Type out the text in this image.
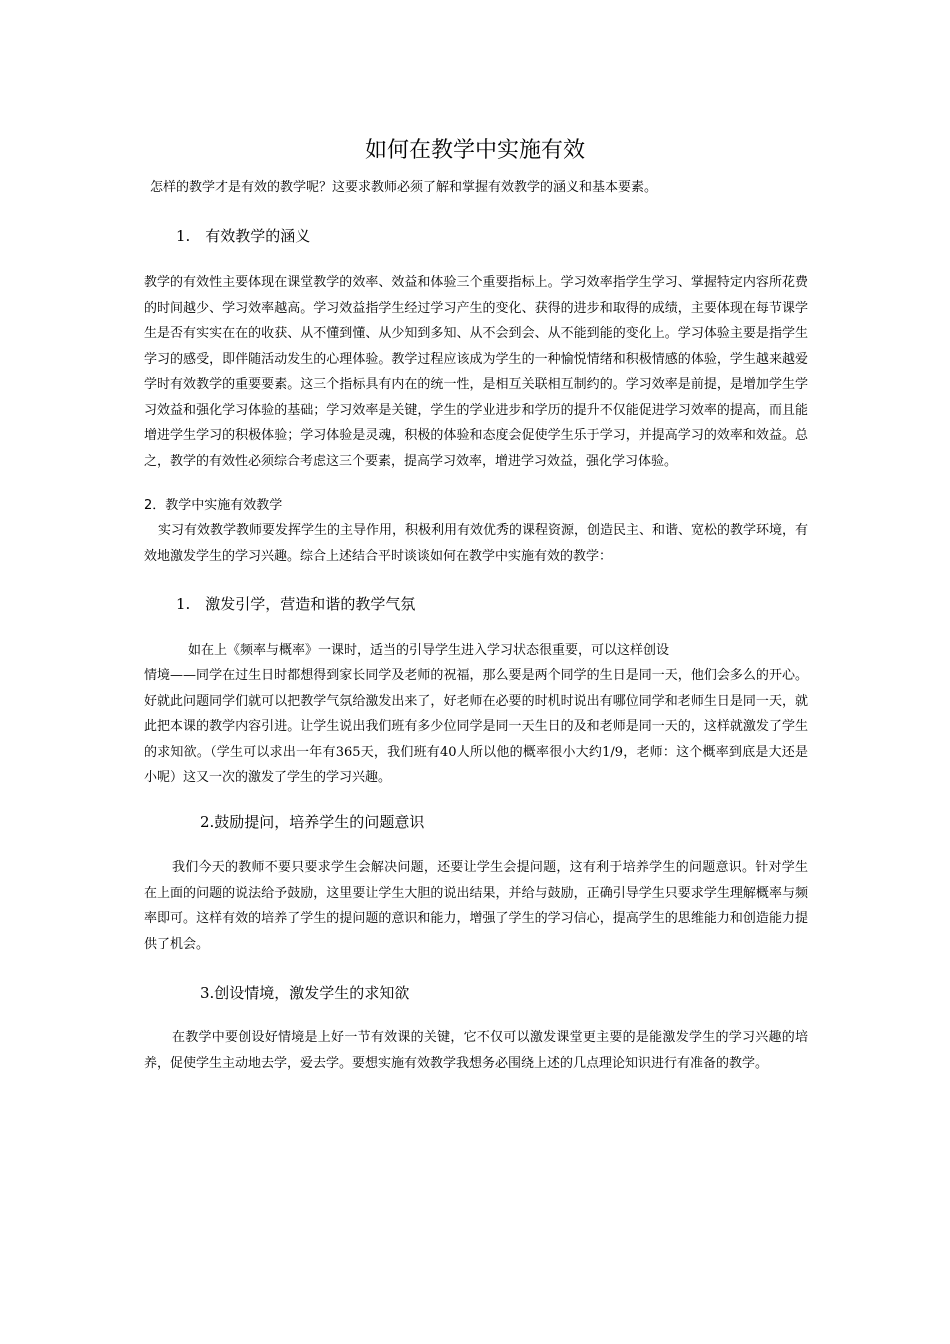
如何在教学中实施有效

怎样的教学才是有效的教学呢？这要求教师必须了解和掌握有效教学的涵义和基本要素。

1.　有效教学的涵义

教学的有效性主要体现在课堂教学的效率、效益和体验三个重要指标上。学习效率指学生学习、掌握特定内容所花费的时间越少、学习效率越高。学习效益指学生经过学习产生的变化、获得的进步和取得的成绩，主要体现在每节课学生是否有实实在在的收获、从不懂到懂、从少知到多知、从不会到会、从不能到能的变化上。学习体验主要是指学生学习的感受，即伴随活动发生的心理体验。教学过程应该成为学生的一种愉悦情绪和积极情感的体验，学生越来越爱学时有效教学的重要要素。这三个指标具有内在的统一性，是相互关联相互制约的。学习效率是前提，是增加学生学习效益和强化学习体验的基础；学习效率是关键，学生的学业进步和学历的提升不仅能促进学习效率的提高，而且能增进学生学习的积极体验；学习体验是灵魂，积极的体验和态度会促使学生乐于学习，并提高学习的效率和效益。总之，教学的有效性必须综合考虑这三个要素，提高学习效率，增进学习效益，强化学习体验。

2．教学中实施有效教学

实习有效教学教师要发挥学生的主导作用，积极利用有效优秀的课程资源，创造民主、和谐、宽松的教学环境，有效地激发学生的学习兴趣。综合上述结合平时谈谈如何在教学中实施有效的教学：

1.　激发引学，营造和谐的教学气氛

如在上《频率与概率》一课时，适当的引导学生进入学习状态很重要，可以这样创设

情境——同学在过生日时都想得到家长同学及老师的祝福，那么要是两个同学的生日是同一天，他们会多么的开心。好就此问题同学们就可以把教学气氛给激发出来了，好老师在必要的时机时说出有哪位同学和老师生日是同一天，就此把本课的教学内容引进。让学生说出我们班有多少位同学是同一天生日的及和老师是同一天的，这样就激发了学生的求知欲。（学生可以求出一年有365天，我们班有40人所以他的概率很小大约1/9，老师：这个概率到底是大还是小呢）这又一次的激发了学生的学习兴趣。

2.鼓励提问，培养学生的问题意识

我们今天的教师不要只要求学生会解决问题，还要让学生会提问题，这有利于培养学生的问题意识。针对学生在上面的问题的说法给予鼓励，这里要让学生大胆的说出结果，并给与鼓励，正确引导学生只要求学生理解概率与频率即可。这样有效的培养了学生的提问题的意识和能力，增强了学生的学习信心，提高学生的思维能力和创造能力提供了机会。

3.创设情境，激发学生的求知欲

在教学中要创设好情境是上好一节有效课的关键，它不仅可以激发课堂更主要的是能激发学生的学习兴趣的培养，促使学生主动地去学，爱去学。要想实施有效教学我想务必围绕上述的几点理论知识进行有准备的教学。
